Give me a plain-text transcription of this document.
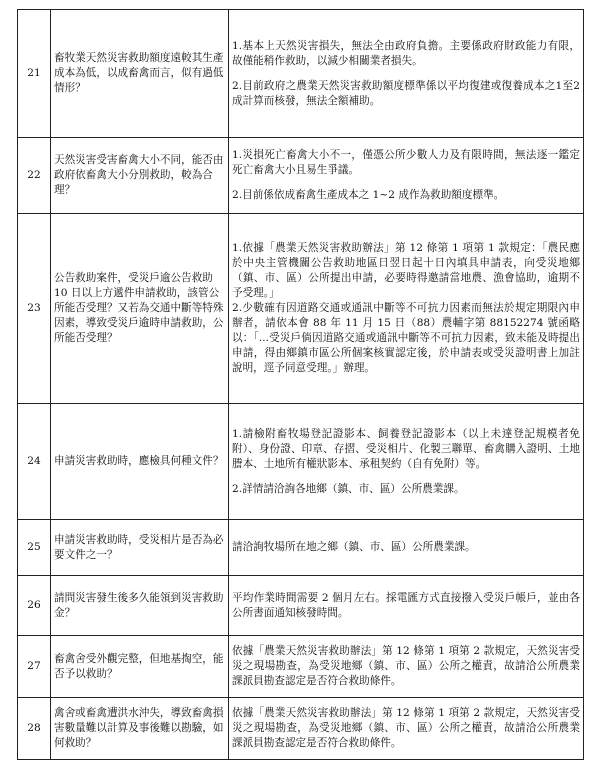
21	畜牧業天然災害救助額度遠較其生產成本為低，以成畜禽而言，似有過低情形？	1.基本上天然災害損失，無法全由政府負擔。主要係政府財政能力有限，故僅能稍作救助，以減少相關業者損失。

2.目前政府之農業天然災害救助額度標準係以平均復建或復養成本之1至2成計算而核發，無法全額補助。

22	天然災害受害畜禽大小不同，能否由政府依畜禽大小分別救助，較為合理？	1.災損死亡畜禽大小不一，僅憑公所少數人力及有限時間，無法逐一鑑定死亡畜禽大小且易生爭議。

2.目前係依成畜禽生產成本之 1~2 成作為救助額度標準。

23	公告救助案件，受災戶逾公告救助 10 日以上方遞件申請救助，該管公所能否受理？又若為交通中斷等特殊因素，導致受災戶逾時申請救助，公所能否受理？	1.依據「農業天然災害救助辦法」第 12 條第 1 項第 1 款規定：「農民應於中央主管機關公告救助地區日翌日起十日內填具申請表，向受災地鄉（鎮、市、區）公所提出申請，必要時得邀請當地農、漁會協助，逾期不予受理。」

2.少數確有因道路交通或通訊中斷等不可抗力因素而無法於規定期限內申辦者，請依本會 88 年 11 月 15 日（88）農輔字第 88152274 號函略以：「...受災戶倘因道路交通或通訊中斷等不可抗力因素，致未能及時提出申請，得由鄉鎮市區公所個案核實認定後，於申請表或受災證明書上加註說明，逕予同意受理。」辦理。

24	申請災害救助時，應檢具何種文件？	1.請檢附畜牧場登記證影本、飼養登記證影本（以上未達登記規模者免附）、身份證、印章、存摺、受災相片、化製三聯單、畜禽購入證明、土地謄本、土地所有權狀影本、承租契約（自有免附）等。

2.詳情請洽詢各地鄉（鎮、市、區）公所農業課。

25	申請災害救助時，受災相片是否為必要文件之一？	請洽詢牧場所在地之鄉（鎮、市、區）公所農業課。

26	請問災害發生後多久能領到災害救助金？	平均作業時間需要 2 個月左右。採電匯方式直接撥入受災戶帳戶，並由各公所書面通知核發時間。

27	畜禽舍受外觀完整，但地基掏空，能否予以救助？	依據「農業天然災害救助辦法」第 12 條第 1 項第 2 款規定，天然災害受災之現場勘查，為受災地鄉（鎮、市、區）公所之權責，故請洽公所農業課派員勘查認定是否符合救助條件。

28	禽舍或畜禽遭洪水沖失，導致畜禽損害數量難以計算及事後難以勘驗，如何救助？	依據「農業天然災害救助辦法」第 12 條第 1 項第 2 款規定，天然災害受災之現場勘查，為受災地鄉（鎮、市、區）公所之權責，故請洽公所農業課派員勘查認定是否符合救助條件。
